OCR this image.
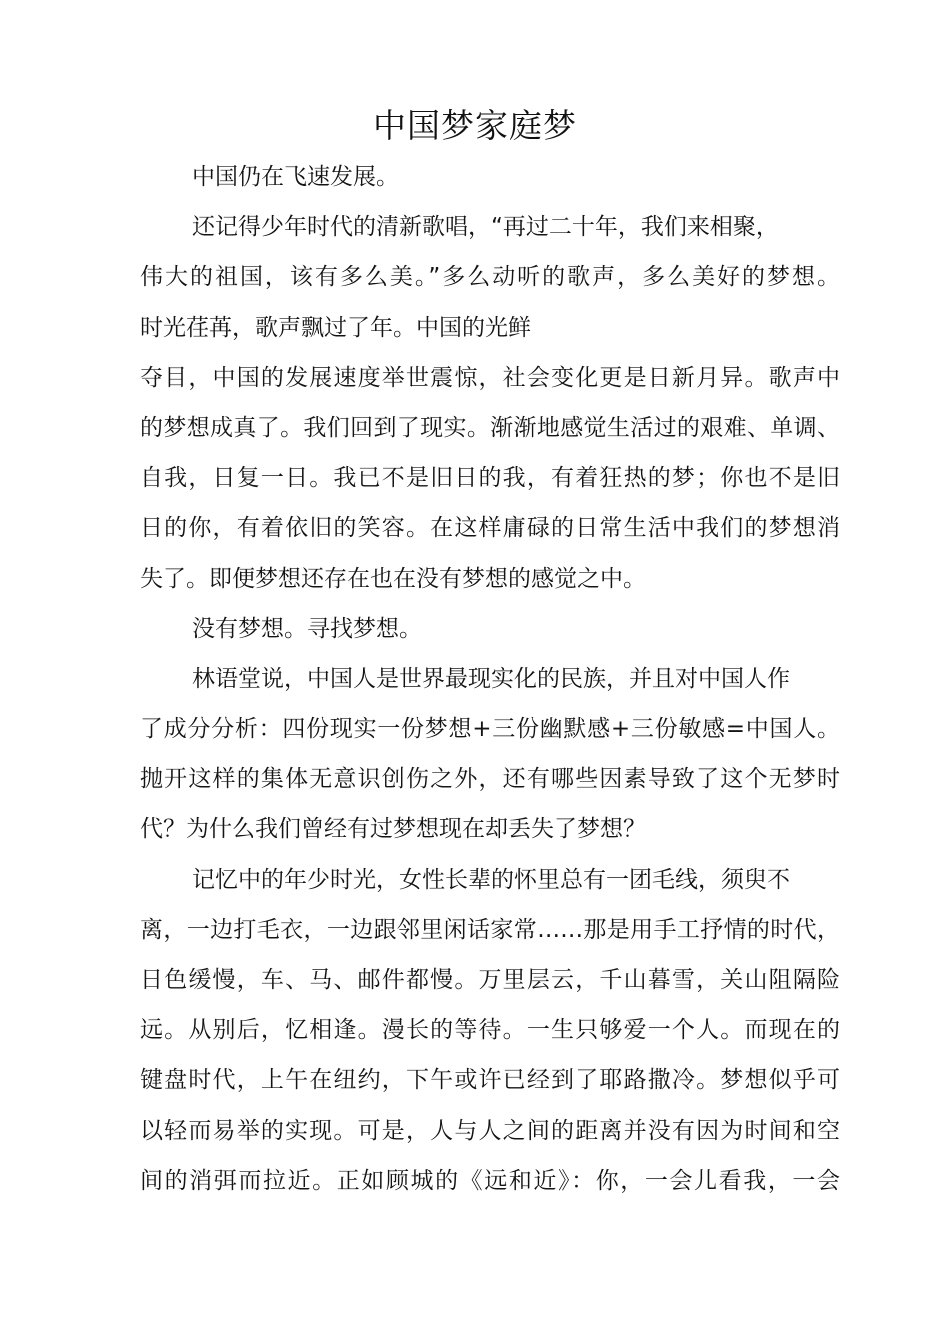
中国梦家庭梦
中国仍在飞速发展。
还记得少年时代的清新歌唱，“再过二十年，我们来相聚，
伟大的祖国，该有多么美。”多么动听的歌声，多么美好的梦想。
时光荏苒，歌声飘过了年。中国的光鲜
夺目，中国的发展速度举世震惊，社会变化更是日新月异。歌声中
的梦想成真了。我们回到了现实。渐渐地感觉生活过的艰难、单调、
自我，日复一日。我已不是旧日的我，有着狂热的梦；你也不是旧
日的你，有着依旧的笑容。在这样庸碌的日常生活中我们的梦想消
失了。即便梦想还存在也在没有梦想的感觉之中。
没有梦想。寻找梦想。
林语堂说，中国人是世界最现实化的民族，并且对中国人作
了成分分析：四份现实一份梦想+三份幽默感+三份敏感=中国人。
抛开这样的集体无意识创伤之外，还有哪些因素导致了这个无梦时
代？为什么我们曾经有过梦想现在却丢失了梦想？
记忆中的年少时光，女性长辈的怀里总有一团毛线，须臾不
离，一边打毛衣，一边跟邻里闲话家常……那是用手工抒情的时代，
日色缓慢，车、马、邮件都慢。万里层云，千山暮雪，关山阻隔险
远。从别后，忆相逢。漫长的等待。一生只够爱一个人。而现在的
键盘时代，上午在纽约，下午或许已经到了耶路撒冷。梦想似乎可
以轻而易举的实现。可是，人与人之间的距离并没有因为时间和空
间的消弭而拉近。正如顾城的《远和近》：你，一会儿看我，一会
